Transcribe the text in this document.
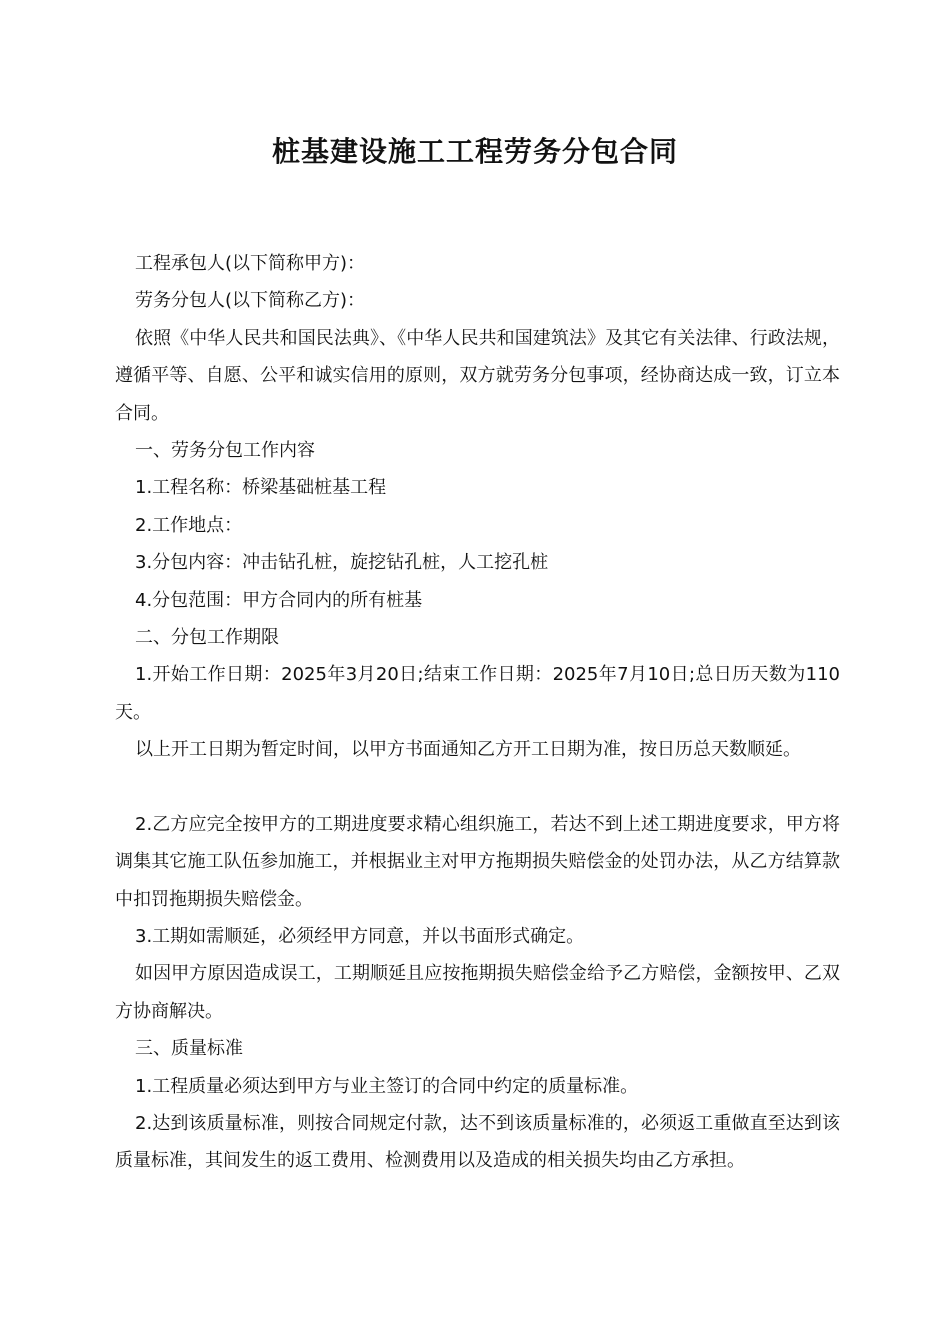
桩基建设施工工程劳务分包合同

工程承包人(以下简称甲方)：

劳务分包人(以下简称乙方)：

依照《中华人民共和国民法典》、《中华人民共和国建筑法》及其它有关法律、行政法规，遵循平等、自愿、公平和诚实信用的原则，双方就劳务分包事项，经协商达成一致，订立本合同。

一、劳务分包工作内容

1.工程名称：桥梁基础桩基工程

2.工作地点：

3.分包内容：冲击钻孔桩，旋挖钻孔桩，人工挖孔桩

4.分包范围：甲方合同内的所有桩基

二、分包工作期限

1.开始工作日期：2025年3月20日;结束工作日期：2025年7月10日;总日历天数为110天。

以上开工日期为暂定时间，以甲方书面通知乙方开工日期为准，按日历总天数顺延。

2.乙方应完全按甲方的工期进度要求精心组织施工，若达不到上述工期进度要求，甲方将调集其它施工队伍参加施工，并根据业主对甲方拖期损失赔偿金的处罚办法，从乙方结算款中扣罚拖期损失赔偿金。

3.工期如需顺延，必须经甲方同意，并以书面形式确定。

如因甲方原因造成误工，工期顺延且应按拖期损失赔偿金给予乙方赔偿，金额按甲、乙双方协商解决。

三、质量标准

1.工程质量必须达到甲方与业主签订的合同中约定的质量标准。

2.达到该质量标准，则按合同规定付款，达不到该质量标准的，必须返工重做直至达到该质量标准，其间发生的返工费用、检测费用以及造成的相关损失均由乙方承担。
